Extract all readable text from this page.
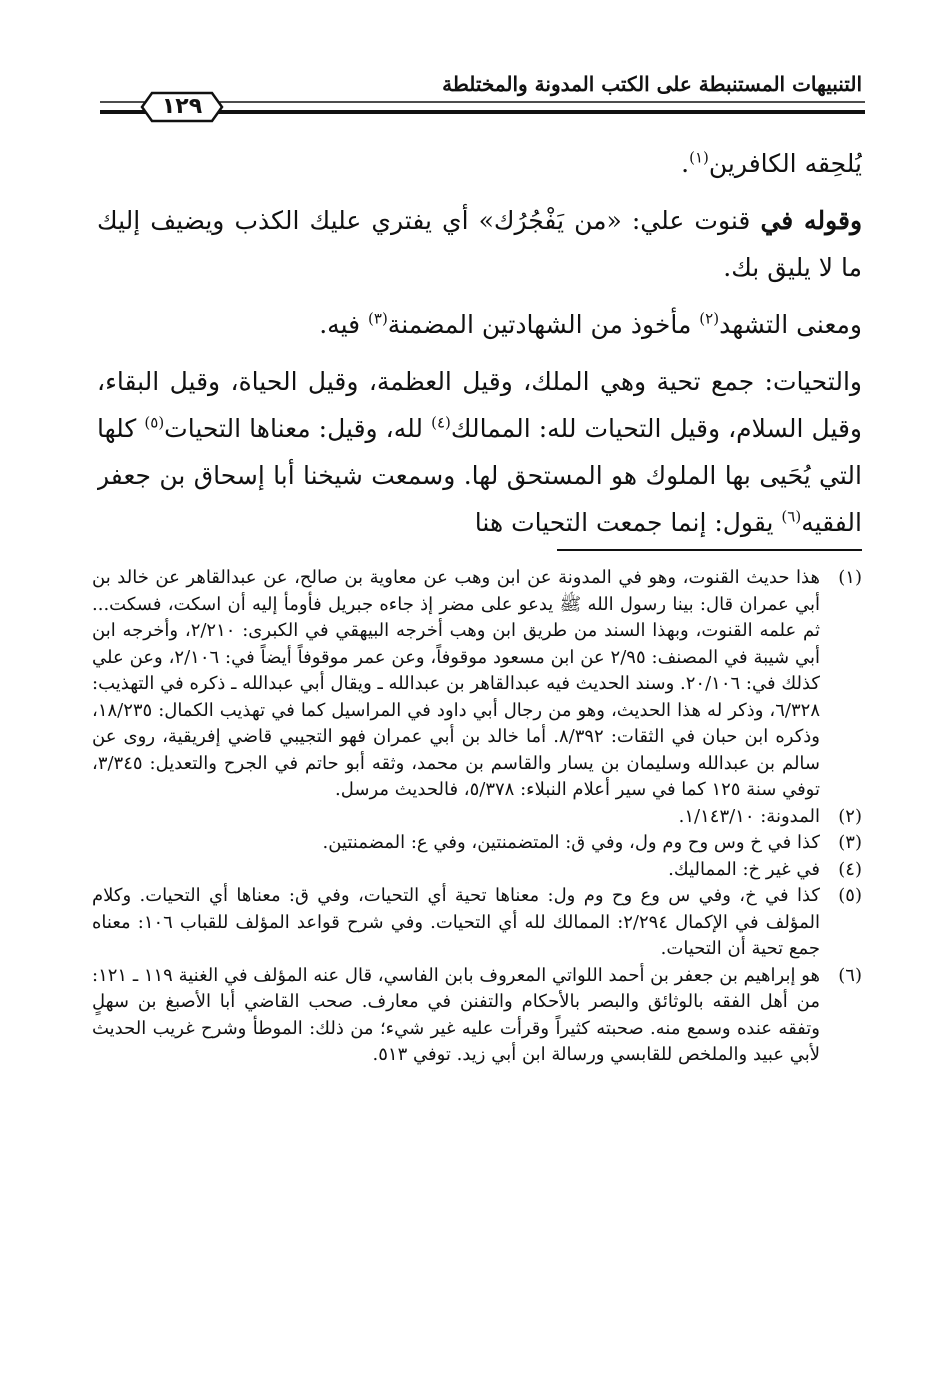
التنبيهات المستنبطة على الكتب المدونة والمختلطة
١٢٩

يُلحِقه الكافرين$^{(١)}$.

وقوله في قنوت علي: «من يَفْجُرُك» أي يفتري عليك الكذب ويضيف إليك ما لا يليق بك.

ومعنى التشهد$^{(٢)}$ مأخوذ من الشهادتين المضمنة$^{(٣)}$ فيه.

والتحيات: جمع تحية وهي الملك، وقيل العظمة، وقيل الحياة، وقيل البقاء، وقيل السلام، وقيل التحيات لله: الممالك$^{(٤)}$ لله، وقيل: معناها التحيات$^{(٥)}$ كلها التي يُحَيى بها الملوك هو المستحق لها. وسمعت شيخنا أبا إسحاق بن جعفر الفقيه$^{(٦)}$ يقول: إنما جمعت التحيات هنا

(١)
هذا حديث القنوت، وهو في المدونة عن ابن وهب عن معاوية بن صالح، عن عبدالقاهر عن خالد بن أبي عمران قال: بينا رسول الله ﷺ يدعو على مضر إذ جاءه جبريل فأومأ إليه أن اسكت، فسكت... ثم علمه القنوت، وبهذا السند من طريق ابن وهب أخرجه البيهقي في الكبرى: ٢/٢١٠، وأخرجه ابن أبي شيبة في المصنف: ٢/٩٥ عن ابن مسعود موقوفاً، وعن عمر موقوفاً أيضاً في: ٢/١٠٦، وعن علي كذلك في: ٢٠/١٠٦. وسند الحديث فيه عبدالقاهر بن عبدالله ـ ويقال أبي عبدالله ـ ذكره في التهذيب: ٦/٣٢٨، وذكر له هذا الحديث، وهو من رجال أبي داود في المراسيل كما في تهذيب الكمال: ١٨/٢٣٥، وذكره ابن حبان في الثقات: ٨/٣٩٢. أما خالد بن أبي عمران فهو التجيبي قاضي إفريقية، روى عن سالم بن عبدالله وسليمان بن يسار والقاسم بن محمد، وثقه أبو حاتم في الجرح والتعديل: ٣/٣٤٥، توفي سنة ١٢٥ كما في سير أعلام النبلاء: ٥/٣٧٨، فالحديث مرسل.
(٢)
المدونة: ١/١٤٣/١٠.
(٣)
كذا في خ وس وح وم ول، وفي ق: المتضمنتين، وفي ع: المضمنتين.
(٤)
في غير خ: المماليك.
(٥)
كذا في خ، وفي س وع وح وم ول: معناها تحية أي التحيات، وفي ق: معناها أي التحيات. وكلام المؤلف في الإكمال ٢/٢٩٤: الممالك لله أي التحيات. وفي شرح قواعد المؤلف للقباب ١٠٦: معناه جمع تحية أن التحيات.
(٦)
هو إبراهيم بن جعفر بن أحمد اللواتي المعروف بابن الفاسي، قال عنه المؤلف في الغنية ١١٩ ـ ١٢١: من أهل الفقه بالوثائق والبصر بالأحكام والتفنن في معارف. صحب القاضي أبا الأصبغ بن سهلٍ وتفقه عنده وسمع منه. صحبته كثيراً وقرأت عليه غير شيء؛ من ذلك: الموطأ وشرح غريب الحديث لأبي عبيد والملخص للقابسي ورسالة ابن أبي زيد. توفي ٥١٣.
